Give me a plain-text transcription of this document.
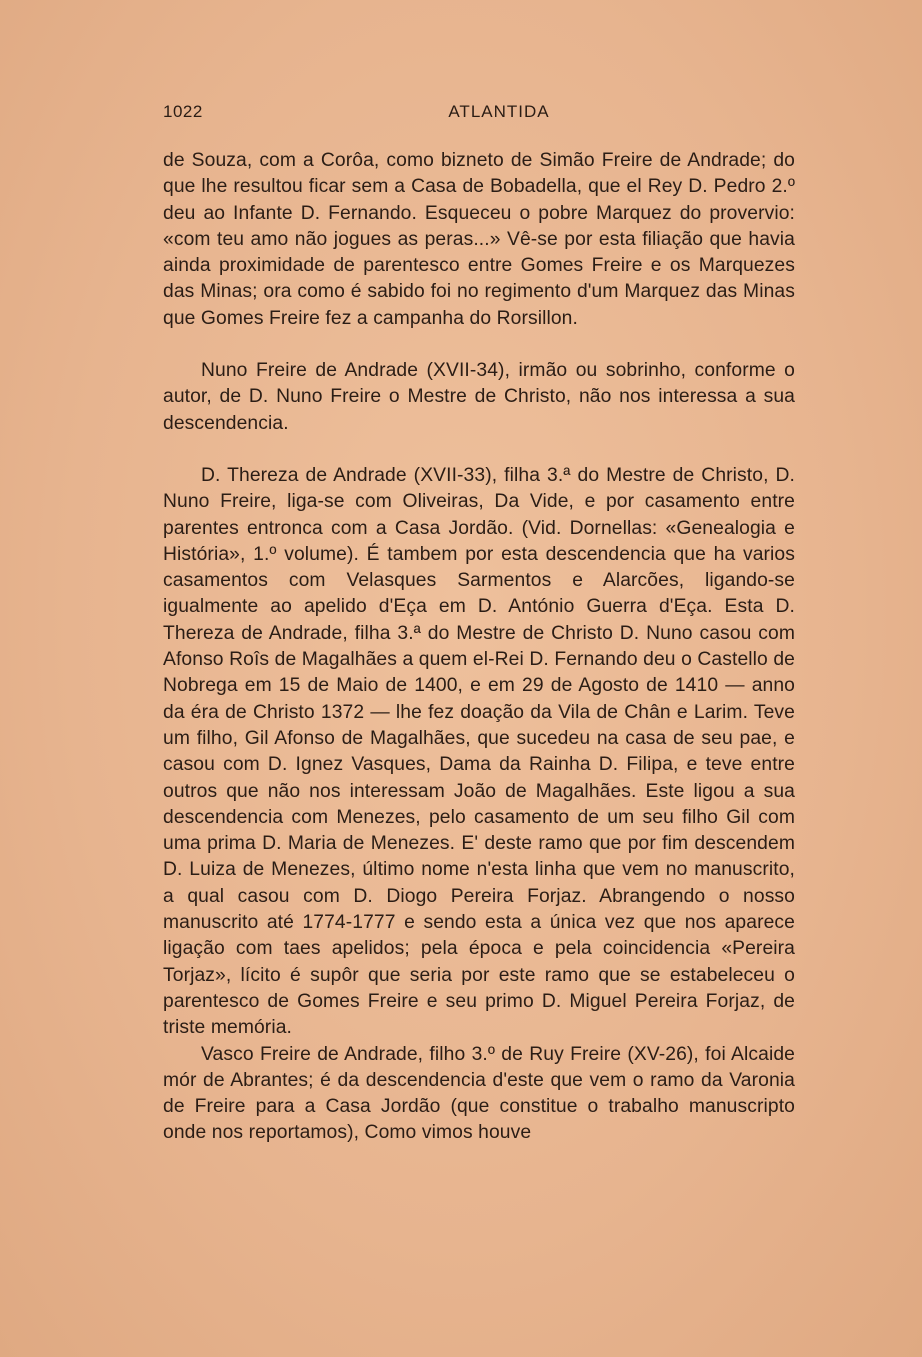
1022	ATLANTIDA

de Souza, com a Corôa, como bizneto de Simão Freire de Andrade; do que lhe resultou ficar sem a Casa de Bobadella, que el Rey D. Pedro 2.º deu ao Infante D. Fernando. Esqueceu o pobre Marquez do provervio: «com teu amo não jogues as peras...» Vê-se por esta filiação que havia ainda proximidade de parentesco entre Gomes Freire e os Marquezes das Minas; ora como é sabido foi no regimento d'um Marquez das Minas que Gomes Freire fez a campanha do Rorsillon.

Nuno Freire de Andrade (XVII-34), irmão ou sobrinho, conforme o autor, de D. Nuno Freire o Mestre de Christo, não nos interessa a sua descendencia.

D. Thereza de Andrade (XVII-33), filha 3.ª do Mestre de Christo, D. Nuno Freire, liga-se com Oliveiras, Da Vide, e por casamento entre parentes entronca com a Casa Jordão. (Vid. Dornellas: «Genealogia e História», 1.º volume). É tambem por esta descendencia que ha varios casamentos com Velasques Sarmentos e Alarcões, ligando-se igualmente ao apelido d'Eça em D. António Guerra d'Eça. Esta D. Thereza de Andrade, filha 3.ª do Mestre de Christo D. Nuno casou com Afonso Roîs de Magalhães a quem el-Rei D. Fernando deu o Castello de Nobrega em 15 de Maio de 1400, e em 29 de Agosto de 1410 — anno da éra de Christo 1372 — lhe fez doação da Vila de Chân e Larim. Teve um filho, Gil Afonso de Magalhães, que sucedeu na casa de seu pae, e casou com D. Ignez Vasques, Dama da Rainha D. Filipa, e teve entre outros que não nos interessam João de Magalhães. Este ligou a sua descendencia com Menezes, pelo casamento de um seu filho Gil com uma prima D. Maria de Menezes. E' deste ramo que por fim descendem D. Luiza de Menezes, último nome n'esta linha que vem no manuscrito, a qual casou com D. Diogo Pereira Forjaz. Abrangendo o nosso manuscrito até 1774-1777 e sendo esta a única vez que nos aparece ligação com taes apelidos; pela época e pela coincidencia «Pereira Torjaz», lícito é supôr que seria por este ramo que se estabeleceu o parentesco de Gomes Freire e seu primo D. Miguel Pereira Forjaz, de triste memória.

Vasco Freire de Andrade, filho 3.º de Ruy Freire (XV-26), foi Alcaide mór de Abrantes; é da descendencia d'este que vem o ramo da Varonia de Freire para a Casa Jordão (que constitue o trabalho manuscripto onde nos reportamos), Como vimos houve
